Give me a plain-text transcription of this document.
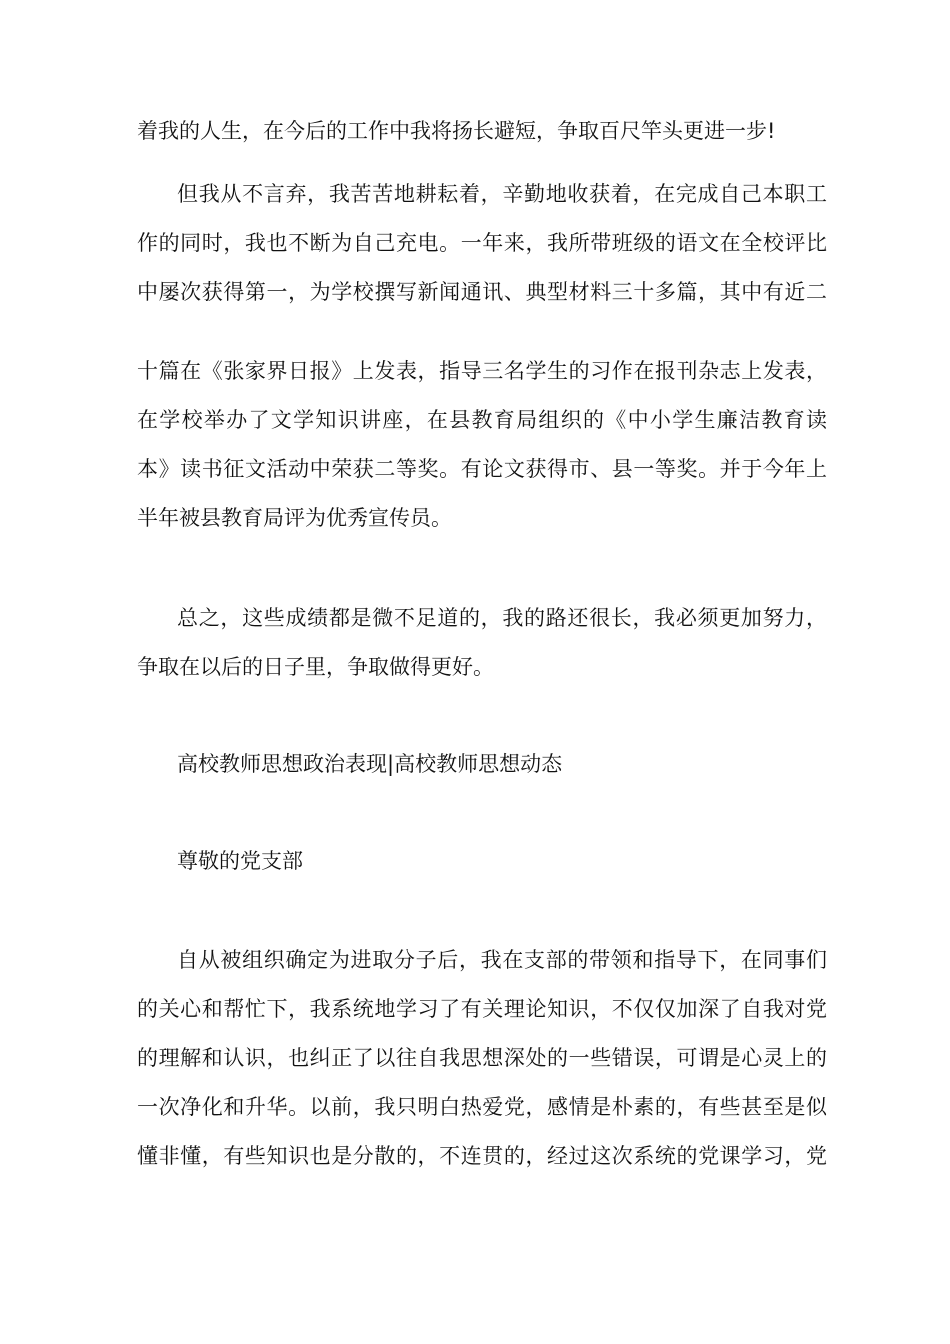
着我的人生，在今后的工作中我将扬长避短，争取百尺竿头更进一步!
但我从不言弃，我苦苦地耕耘着，辛勤地收获着，在完成自己本职工
作的同时，我也不断为自己充电。一年来，我所带班级的语文在全校评比
中屡次获得第一，为学校撰写新闻通讯、典型材料三十多篇，其中有近二
十篇在《张家界日报》上发表，指导三名学生的习作在报刊杂志上发表，
在学校举办了文学知识讲座，在县教育局组织的《中小学生廉洁教育读
本》读书征文活动中荣获二等奖。有论文获得市、县一等奖。并于今年上
半年被县教育局评为优秀宣传员。
总之，这些成绩都是微不足道的，我的路还很长，我必须更加努力，
争取在以后的日子里，争取做得更好。
高校教师思想政治表现|高校教师思想动态
尊敬的党支部
自从被组织确定为进取分子后，我在支部的带领和指导下，在同事们
的关心和帮忙下，我系统地学习了有关理论知识，不仅仅加深了自我对党
的理解和认识，也纠正了以往自我思想深处的一些错误，可谓是心灵上的
一次净化和升华。以前，我只明白热爱党，感情是朴素的，有些甚至是似
懂非懂，有些知识也是分散的，不连贯的，经过这次系统的党课学习，党
